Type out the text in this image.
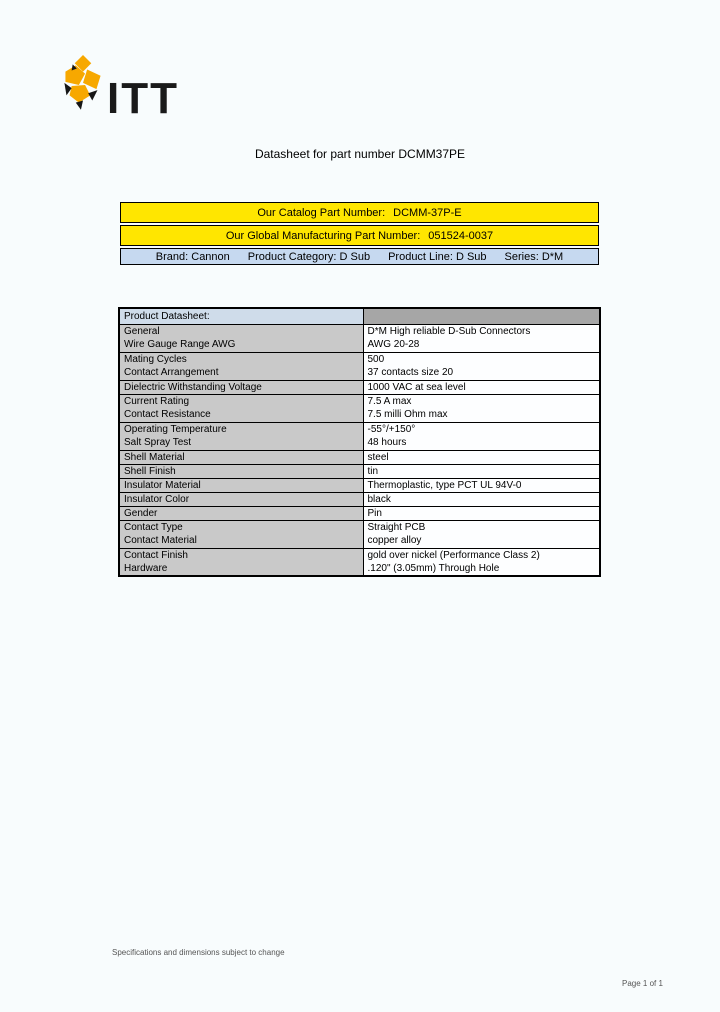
ITT
Datasheet for part number DCMM37PE
Our Catalog Part Number: DCMM-37P-E
Our Global Manufacturing Part Number: 051524-0037
Brand: Cannon Product Category: D Sub Product Line: D Sub Series: D*M
Product Datasheet:	
General	D*M High reliable D-Sub Connectors
Wire Gauge Range AWG	AWG 20-28
Mating Cycles	500
Contact Arrangement	37 contacts size 20
Dielectric Withstanding Voltage	1000 VAC at sea level
Current Rating	7.5 A max
Contact Resistance	7.5 milli Ohm max
Operating Temperature	-55°/+150°
Salt Spray Test	48 hours
Shell Material	steel
Shell Finish	tin
Insulator Material	Thermoplastic, type PCT UL 94V-0
Insulator Color	black
Gender	Pin
Contact Type	Straight PCB
Contact Material	copper alloy
Contact Finish	gold over nickel (Performance Class 2)
Hardware	.120" (3.05mm) Through Hole
Specifications and dimensions subject to change
Page 1 of 1
